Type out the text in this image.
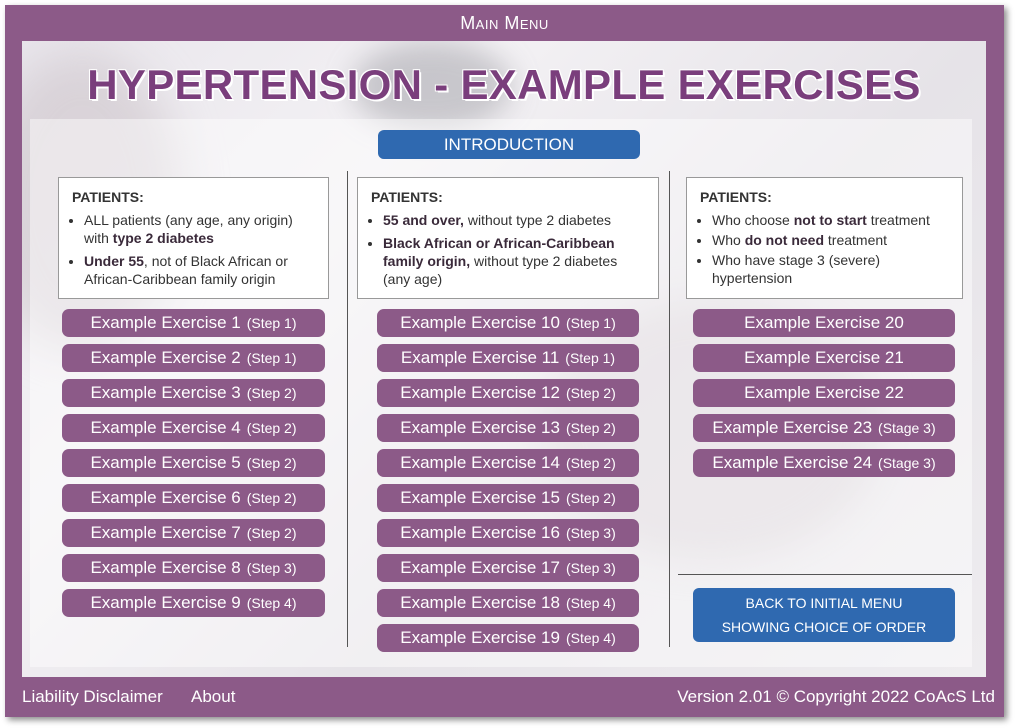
Main Menu
HYPERTENSION - EXAMPLE EXERCISES
INTRODUCTION
PATIENTS:
• ALL patients (any age, any origin) with type 2 diabetes
• Under 55, not of Black African or African-Caribbean family origin
PATIENTS:
• 55 and over, without type 2 diabetes
• Black African or African-Caribbean family origin, without type 2 diabetes (any age)
PATIENTS:
• Who choose not to start treatment
• Who do not need treatment
• Who have stage 3 (severe) hypertension
Example Exercise 1 (Step 1)
Example Exercise 2 (Step 1)
Example Exercise 3 (Step 2)
Example Exercise 4 (Step 2)
Example Exercise 5 (Step 2)
Example Exercise 6 (Step 2)
Example Exercise 7 (Step 2)
Example Exercise 8 (Step 3)
Example Exercise 9 (Step 4)
Example Exercise 10 (Step 1)
Example Exercise 11 (Step 1)
Example Exercise 12 (Step 2)
Example Exercise 13 (Step 2)
Example Exercise 14 (Step 2)
Example Exercise 15 (Step 2)
Example Exercise 16 (Step 3)
Example Exercise 17 (Step 3)
Example Exercise 18 (Step 4)
Example Exercise 19 (Step 4)
Example Exercise 20
Example Exercise 21
Example Exercise 22
Example Exercise 23 (Stage 3)
Example Exercise 24 (Stage 3)
BACK TO INITIAL MENU
SHOWING CHOICE OF ORDER
Liability Disclaimer About	Version 2.01 © Copyright 2022 CoAcS Ltd
